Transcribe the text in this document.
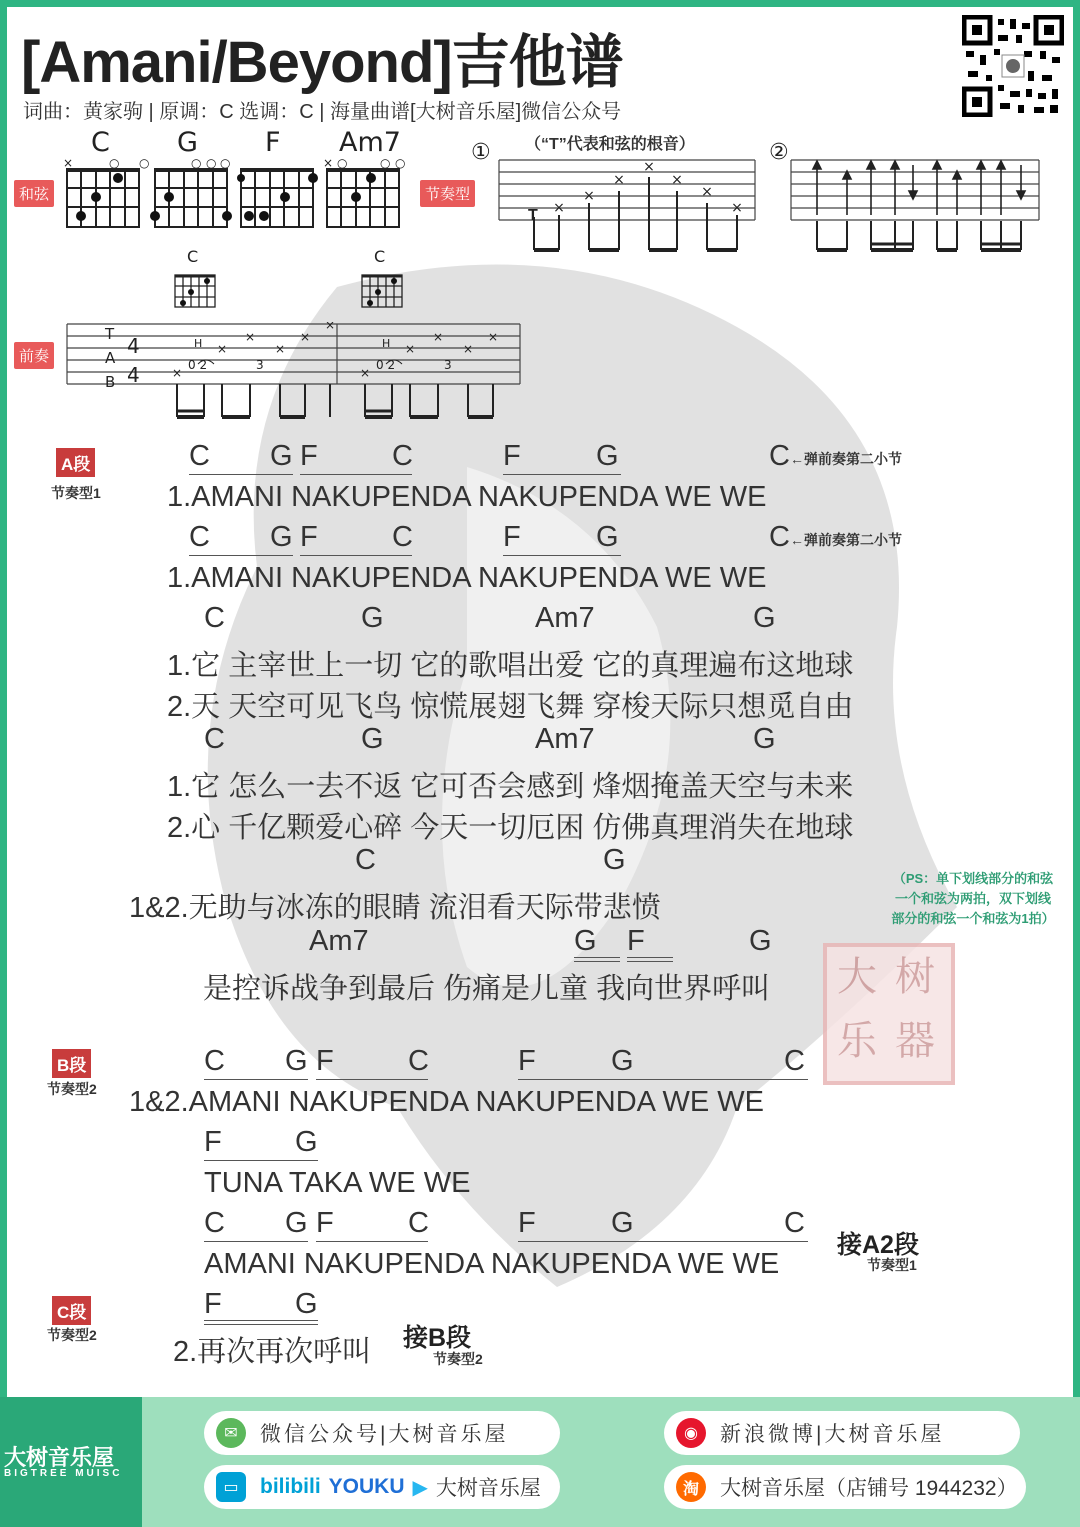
[Amani/Beyond]吉他谱
词曲：黄家驹 | 原调：C 选调：C | 海量曲谱[大树音乐屋]微信公众号
和弦
C G F Am7
×	○ ○	○ ○ ○	× ○	○ ○
节奏型
① （“T”代表和弦的根音）
×
×
×
×
×
×
×
T
②
C	C
前奏
×
×
×
×
×
×
×
×
×
×
×
T
A
B
4
4
H	H
0 2	3	0 2	3
A段
节奏型1
C G F	C	F	G	C ←弹前奏第二小节
1.AMANI NAKUPENDA NAKUPENDA WE WE
C G F	C	F	G	C ←弹前奏第二小节
1.AMANI NAKUPENDA NAKUPENDA WE WE
C	G	Am7	G
1.它 主宰世上一切 它的歌唱出爱 它的真理遍布这地球
2.天 天空可见飞鸟 惊慌展翅飞舞 穿梭天际只想觅自由
C	G	Am7	G
1.它 怎么一去不返 它可否会感到 烽烟掩盖天空与未来
2.心 千亿颗爱心碎 今天一切厄困 仿佛真理消失在地球
C	G
1&2.无助与冰冻的眼睛 流泪看天际带悲愤
（PS：单下划线部分的和弦
一个和弦为两拍，双下划线
部分的和弦一个和弦为1拍）
Am7	G F	G
是控诉战争到最后 伤痛是儿童 我向世界呼叫 大 树
乐 器
B段
节奏型2
C G F	C	F	G	C
1&2.AMANI NAKUPENDA NAKUPENDA WE WE
F	G
TUNA TAKA WE WE
C G F	C	F	G	C
AMANI NAKUPENDA NAKUPENDA WE WE
接A2段
节奏型1
C段
节奏型2
F	G
2.再次再次呼叫 接B段
节奏型2
大树音乐屋
BIGTREE MUISC
✉	微信公众号|大树音乐屋	◉	新浪微博|大树音乐屋
▭	bilibili YOUKU ▶ 大树音乐屋	淘	大树音乐屋（店铺号 1944232）
